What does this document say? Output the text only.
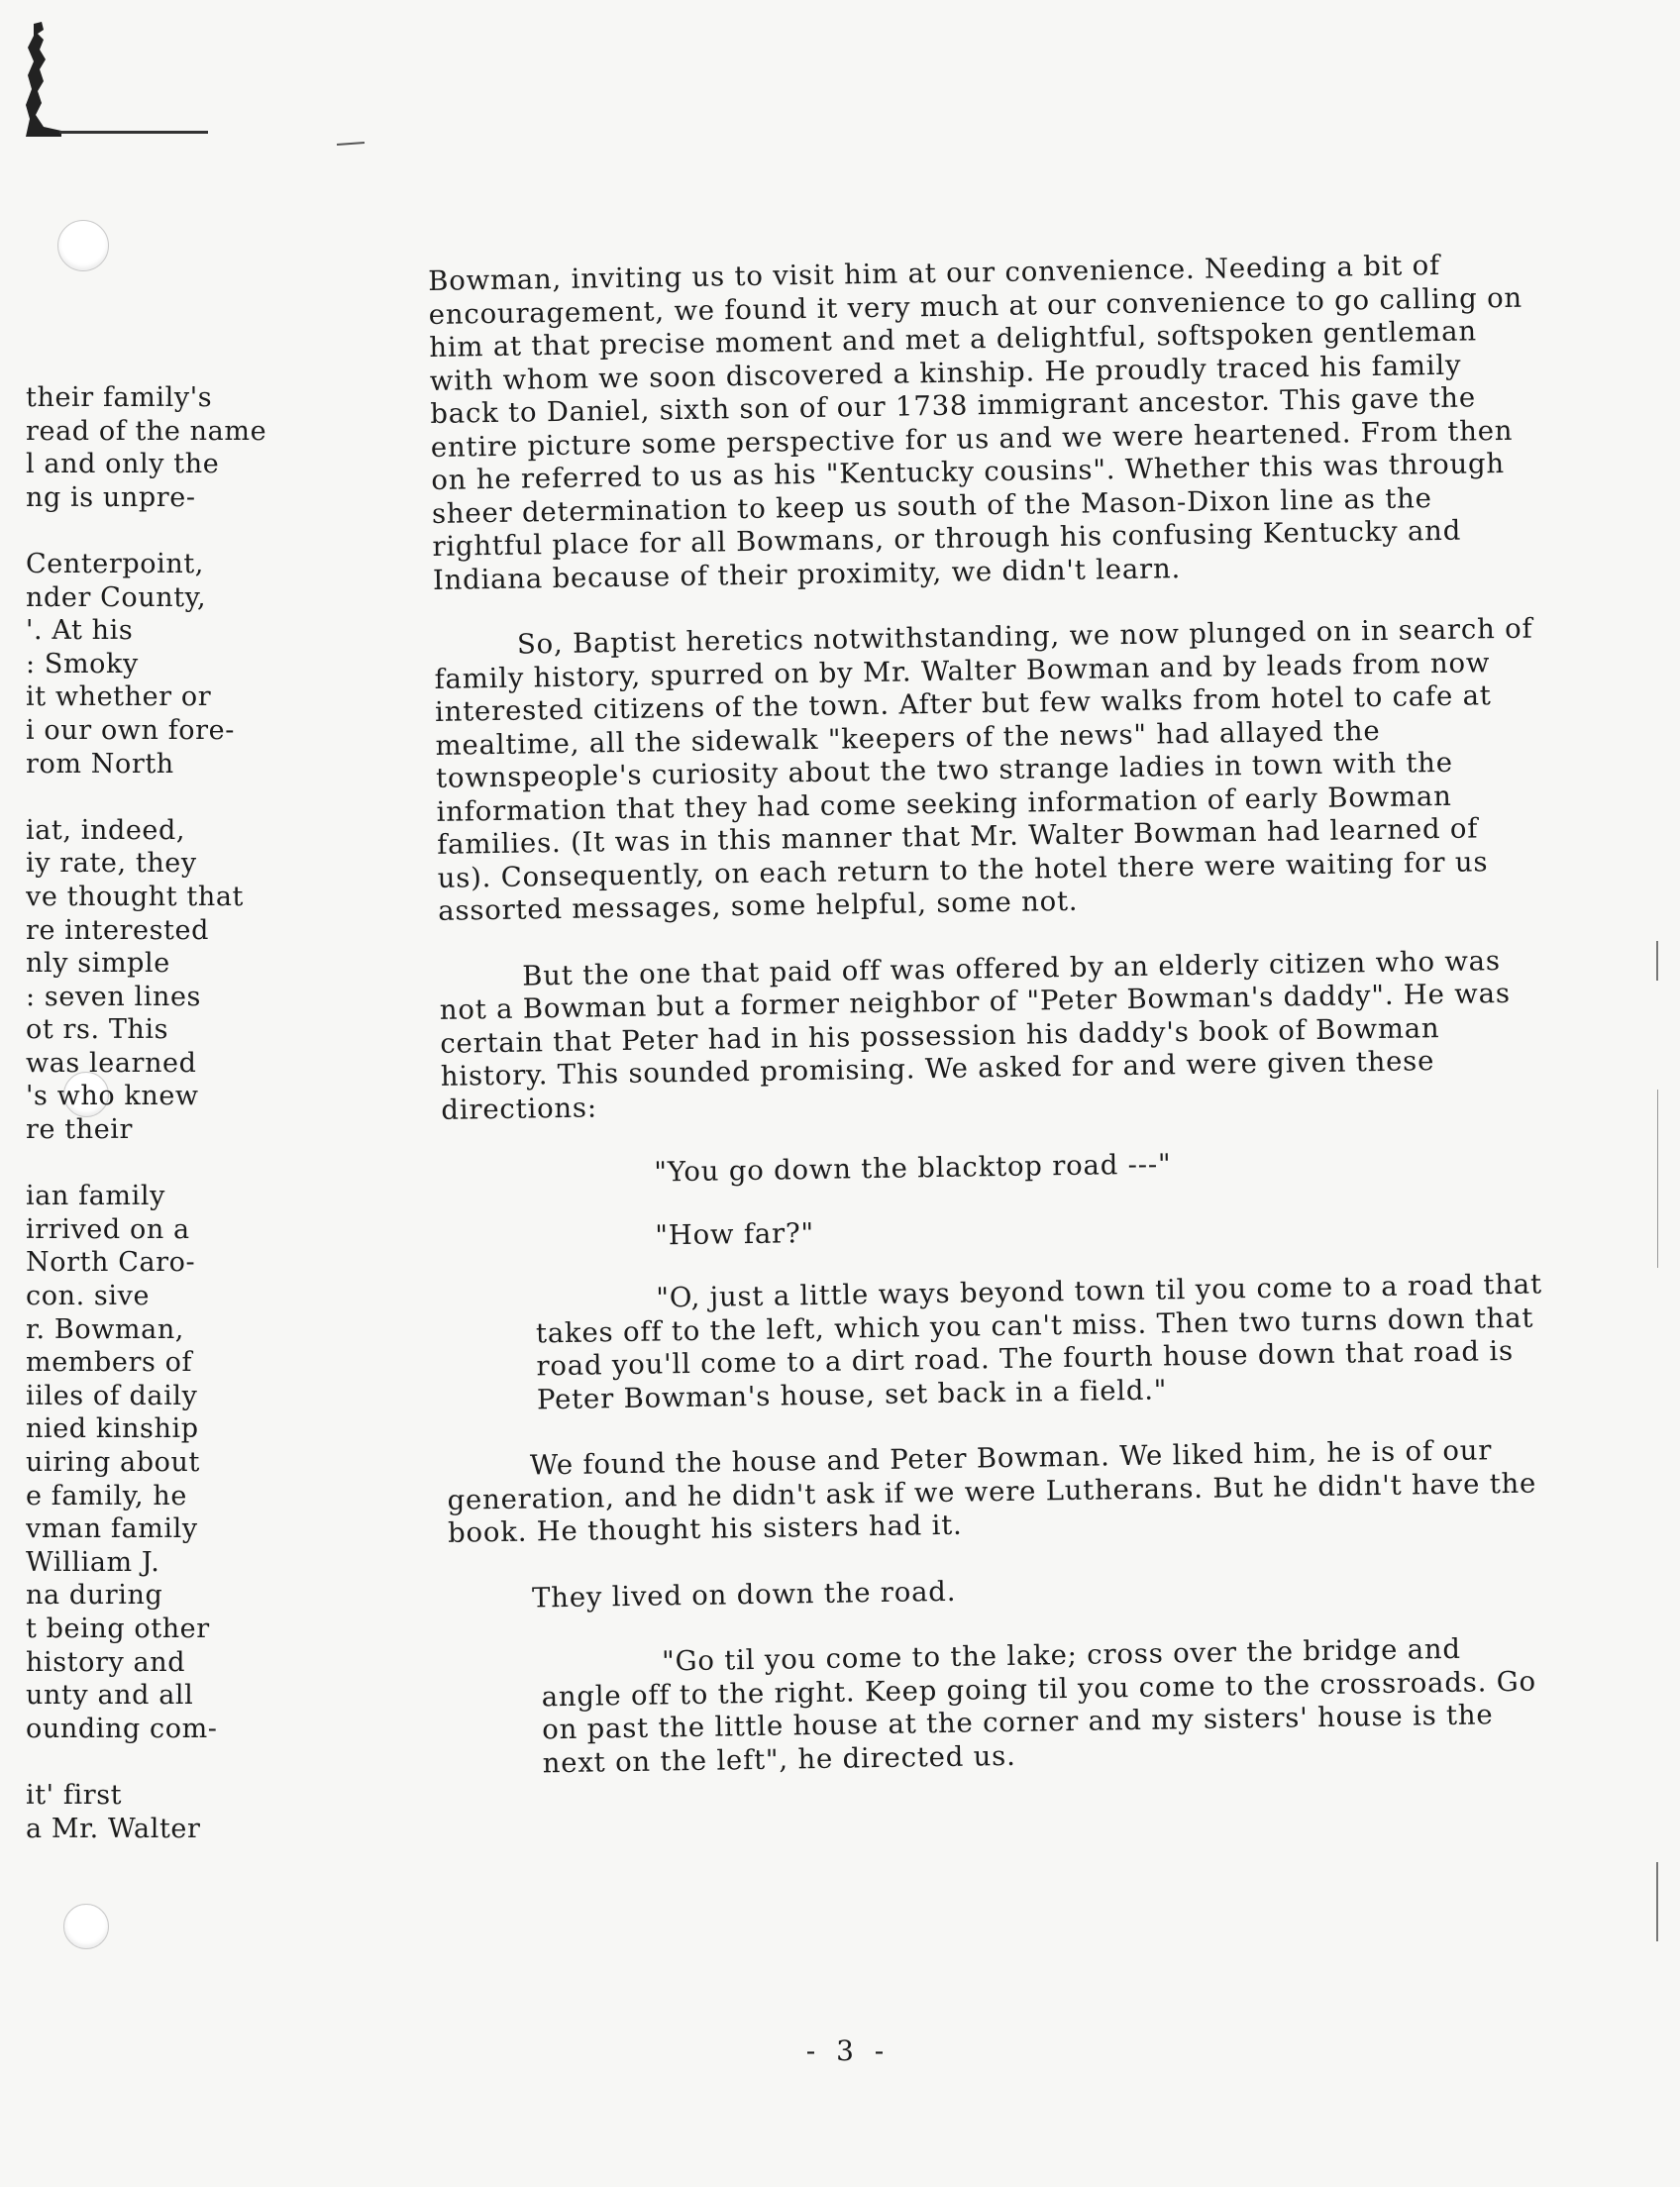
their family's
read of the name
l and only the
ng is unpre-

Centerpoint,
nder County,
'. At his
: Smoky
it whether or
i our own fore-
rom North

iat, indeed,
iy rate, they
ve thought that
re interested
nly simple
: seven lines
ot rs. This
was learned
's who knew
re their

ian family
irrived on a
North Caro-
con. sive
r. Bowman,
members of
iiles of daily
nied kinship
uiring about
e family, he
vman family
William J.
na during
t being other
history and
unty and all
ounding com-

it' first
a Mr. Walter

Bowman, inviting us to visit him at our convenience. Needing a bit of encouragement, we found it very much at our convenience to go calling on him at that precise moment and met a delightful, softspoken gentleman with whom we soon discovered a kinship. He proudly traced his family back to Daniel, sixth son of our 1738 immigrant ancestor. This gave the entire picture some perspective for us and we were heartened. From then on he referred to us as his "Kentucky cousins". Whether this was through sheer determination to keep us south of the Mason-Dixon line as the rightful place for all Bowmans, or through his confusing Kentucky and Indiana because of their proximity, we didn't learn.

So, Baptist heretics notwithstanding, we now plunged on in search of family history, spurred on by Mr. Walter Bowman and by leads from now interested citizens of the town. After but few walks from hotel to cafe at mealtime, all the sidewalk "keepers of the news" had allayed the townspeople's curiosity about the two strange ladies in town with the information that they had come seeking information of early Bowman families. (It was in this manner that Mr. Walter Bowman had learned of us). Consequently, on each return to the hotel there were waiting for us assorted messages, some helpful, some not.

But the one that paid off was offered by an elderly citizen who was not a Bowman but a former neighbor of "Peter Bowman's daddy". He was certain that Peter had in his possession his daddy's book of Bowman history. This sounded promising. We asked for and were given these directions:

"You go down the blacktop road ---"

"How far?"

"O, just a little ways beyond town til you come to a road that takes off to the left, which you can't miss. Then two turns down that road you'll come to a dirt road. The fourth house down that road is Peter Bowman's house, set back in a field."

We found the house and Peter Bowman. We liked him, he is of our generation, and he didn't ask if we were Lutherans. But he didn't have the book. He thought his sisters had it.

They lived on down the road.

"Go til you come to the lake; cross over the bridge and angle off to the right. Keep going til you come to the crossroads. Go on past the little house at the corner and my sisters' house is the next on the left", he directed us.

- 3 -
